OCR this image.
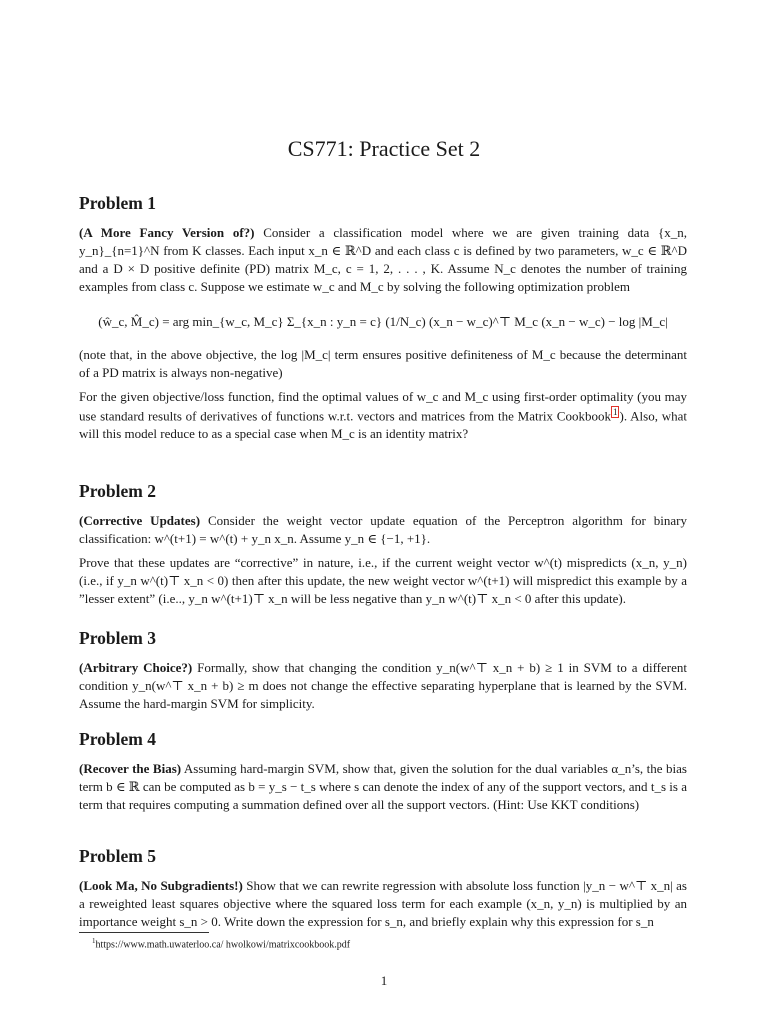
CS771: Practice Set 2
Problem 1

(A More Fancy Version of?) Consider a classification model where we are given training data {x_n, y_n}_{n=1}^N from K classes. Each input x_n ∈ ℝ^D and each class c is defined by two parameters, w_c ∈ ℝ^D and a D × D positive definite (PD) matrix M_c, c = 1, 2, . . . , K. Assume N_c denotes the number of training examples from class c. Suppose we estimate w_c and M_c by solving the following optimization problem

(ŵ_c, M̂_c) = arg min_{w_c, M_c} Σ_{x_n : y_n = c} (1/N_c) (x_n − w_c)^⊤ M_c (x_n − w_c) − log |M_c|

(note that, in the above objective, the log |M_c| term ensures positive definiteness of M_c because the determinant of a PD matrix is always non-negative)

For the given objective/loss function, find the optimal values of w_c and M_c using first-order optimality (you may use standard results of derivatives of functions w.r.t. vectors and matrices from the Matrix Cookbook 1 ). Also, what will this model reduce to as a special case when M_c is an identity matrix?

Problem 2

(Corrective Updates) Consider the weight vector update equation of the Perceptron algorithm for binary classification: w^(t+1) = w^(t) + y_n x_n. Assume y_n ∈ {−1, +1}.

Prove that these updates are “corrective” in nature, i.e., if the current weight vector w^(t) mispredicts (x_n, y_n) (i.e., if y_n w^(t)⊤ x_n < 0) then after this update, the new weight vector w^(t+1) will mispredict this example by a ”lesser extent” (i.e.., y_n w^(t+1)⊤ x_n will be less negative than y_n w^(t)⊤ x_n < 0 after this update).

Problem 3

(Arbitrary Choice?) Formally, show that changing the condition y_n(w^⊤ x_n + b) ≥ 1 in SVM to a different condition y_n(w^⊤ x_n + b) ≥ m does not change the effective separating hyperplane that is learned by the SVM. Assume the hard-margin SVM for simplicity.

Problem 4

(Recover the Bias) Assuming hard-margin SVM, show that, given the solution for the dual variables α_n’s, the bias term b ∈ ℝ can be computed as b = y_s − t_s where s can denote the index of any of the support vectors, and t_s is a term that requires computing a summation defined over all the support vectors. (Hint: Use KKT conditions)

Problem 5

(Look Ma, No Subgradients!) Show that we can rewrite regression with absolute loss function |y_n − w^⊤ x_n| as a reweighted least squares objective where the squared loss term for each example (x_n, y_n) is multiplied by an importance weight s_n > 0. Write down the expression for s_n, and briefly explain why this expression for s_n

$^1$https://www.math.uwaterloo.ca/ hwolkowi/matrixcookbook.pdf
1
